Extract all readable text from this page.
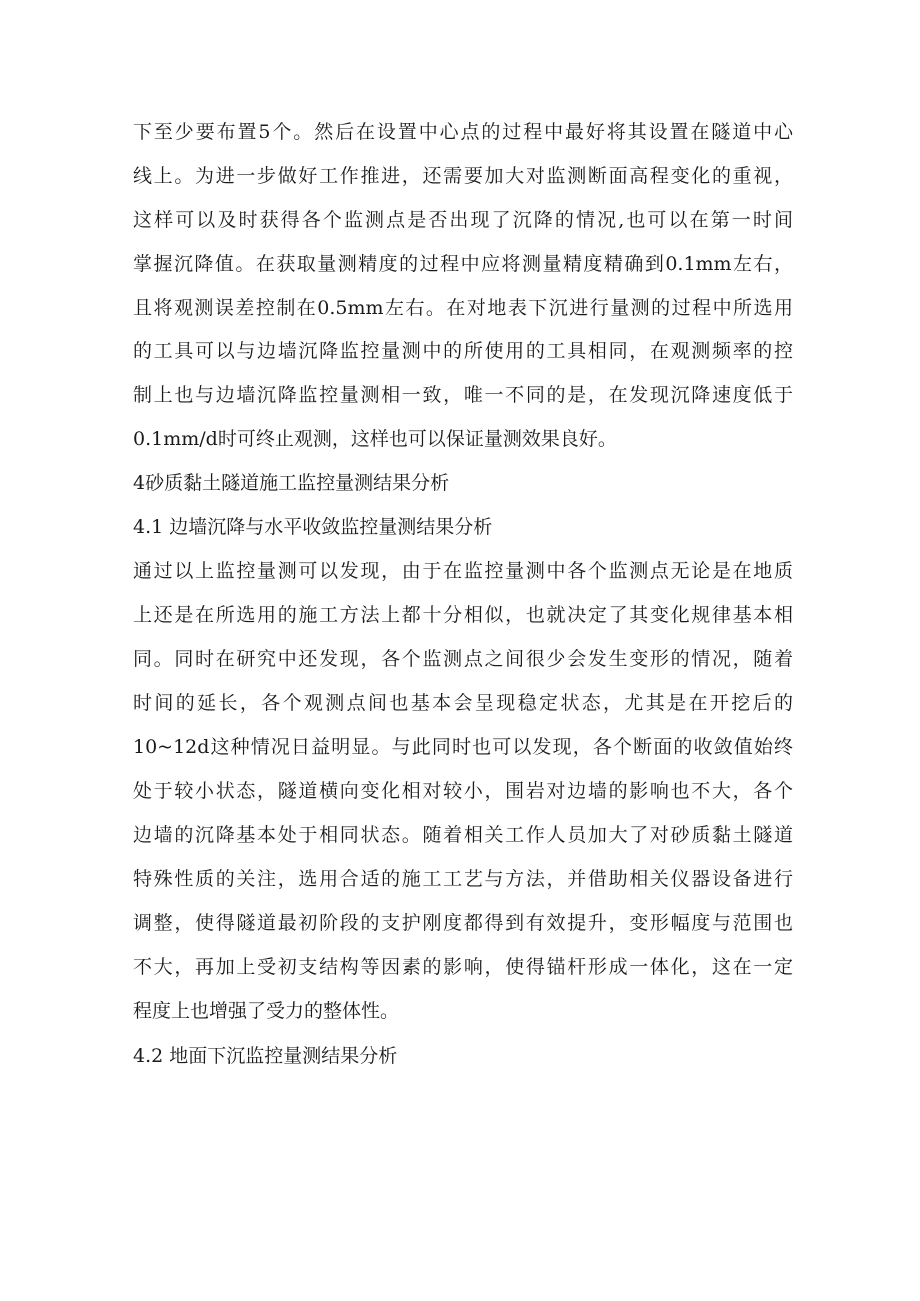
下至少要布置5个。然后在设置中心点的过程中最好将其设置在隧道中心
线上。为进一步做好工作推进，还需要加大对监测断面高程变化的重视，
这样可以及时获得各个监测点是否出现了沉降的情况,也可以在第一时间
掌握沉降值。在获取量测精度的过程中应将测量精度精确到0.1mm左右，
且将观测误差控制在0.5mm左右。在对地表下沉进行量测的过程中所选用
的工具可以与边墙沉降监控量测中的所使用的工具相同，在观测频率的控
制上也与边墙沉降监控量测相一致，唯一不同的是，在发现沉降速度低于
0.1mm/d时可终止观测，这样也可以保证量测效果良好。
4砂质黏土隧道施工监控量测结果分析
4.1 边墙沉降与水平收敛监控量测结果分析
通过以上监控量测可以发现，由于在监控量测中各个监测点无论是在地质
上还是在所选用的施工方法上都十分相似，也就决定了其变化规律基本相
同。同时在研究中还发现，各个监测点之间很少会发生变形的情况，随着
时间的延长，各个观测点间也基本会呈现稳定状态，尤其是在开挖后的
10~12d这种情况日益明显。与此同时也可以发现，各个断面的收敛值始终
处于较小状态，隧道横向变化相对较小，围岩对边墙的影响也不大，各个
边墙的沉降基本处于相同状态。随着相关工作人员加大了对砂质黏土隧道
特殊性质的关注，选用合适的施工工艺与方法，并借助相关仪器设备进行
调整，使得隧道最初阶段的支护刚度都得到有效提升，变形幅度与范围也
不大，再加上受初支结构等因素的影响，使得锚杆形成一体化，这在一定
程度上也增强了受力的整体性。
4.2 地面下沉监控量测结果分析
